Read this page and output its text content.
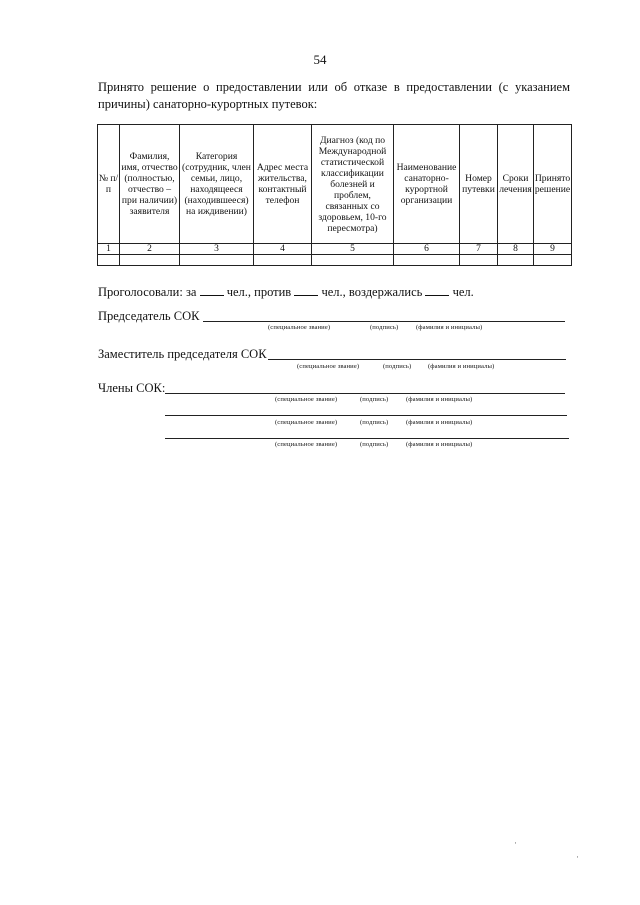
54
Принято решение о предоставлении или об отказе в предоставлении (с указанием причины) санаторно-курортных путевок:
№ п/п	Фамилия, имя, отчество (полностью, отчество – при наличии) заявителя	Категория (сотрудник, член семьи, лицо, находящееся (находившееся) на иждивении)	Адрес места жительства, контактный телефон	Диагноз (код по Международной статистической классификации болезней и проблем, связанных со здоровьем, 10-го пересмотра)	Наименование санаторно-курортной организации	Номер путевки	Сроки лечения	Принято решение
1	2	3	4	5	6	7	8	9

Проголосовали: за чел., против чел., воздержались чел.
Председатель СОК
(специальное звание)	(подпись)	(фамилия и инициалы)
Заместитель председателя СОК
(специальное звание)	(подпись)	(фамилия и инициалы)
Члены СОК:
(специальное звание)	(подпись)	(фамилия и инициалы)
(специальное звание)	(подпись)	(фамилия и инициалы)
(специальное звание)	(подпись)	(фамилия и инициалы)
·
·
